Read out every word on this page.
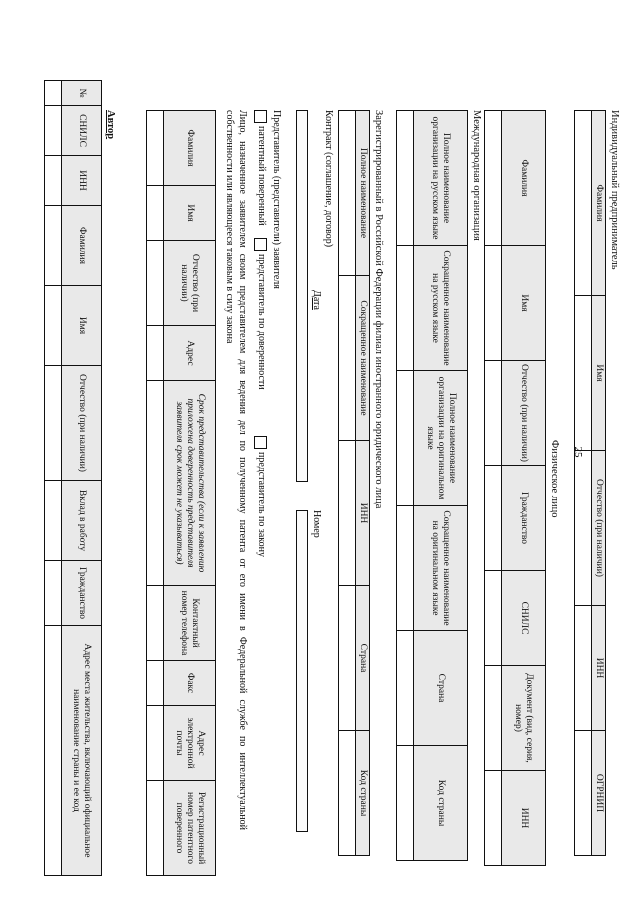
25
Индивидуальный предприниматель
Фамилия	Имя	Отчество (при наличии)	ИНН	ОГРНИП

Физическое лицо
Фамилия	Имя	Отчество (при наличии)	Гражданство	СНИЛС	Документ (вид, серия, номер)	ИНН

Международная организация
Полное наименование организации на русском языке	Сокращенное наименование на русском языке	Полное наименование организации на оригинальном языке	Сокращенное наименование на оригинальном языке	Страна	Код страны

Зарегистрированный в Российской Федерации филиал иностранного юридического лица
Полное наименование	Сокращенное наименование	ИНН	Страна	Код страны

Контракт (соглашение, договор)
Дата
Номер
Представитель (представители) заявителя
патентный поверенный
представитель по доверенности
представитель по закону
Лицо, назначенное заявителем своим представителем для ведения дел по полученному патента от его имени в Федеральной службе по интеллектуальной собственности или являющееся таковым в силу закона
Фамилия	Имя	Отчество (при наличии)	Адрес	Срок представительства (если к заявлению приложена доверенность представителя заявителя срок может не указываться)	Контактный номер телефона	Факс	Адрес электронной почты	Регистрационный номер патентного поверенного

Автор
№	СНИЛС	ИНН	Фамилия	Имя	Отчество (при наличии)	Вклад в работу	Гражданство	Адрес места жительства, включающий официальное наименование страны и ее код
